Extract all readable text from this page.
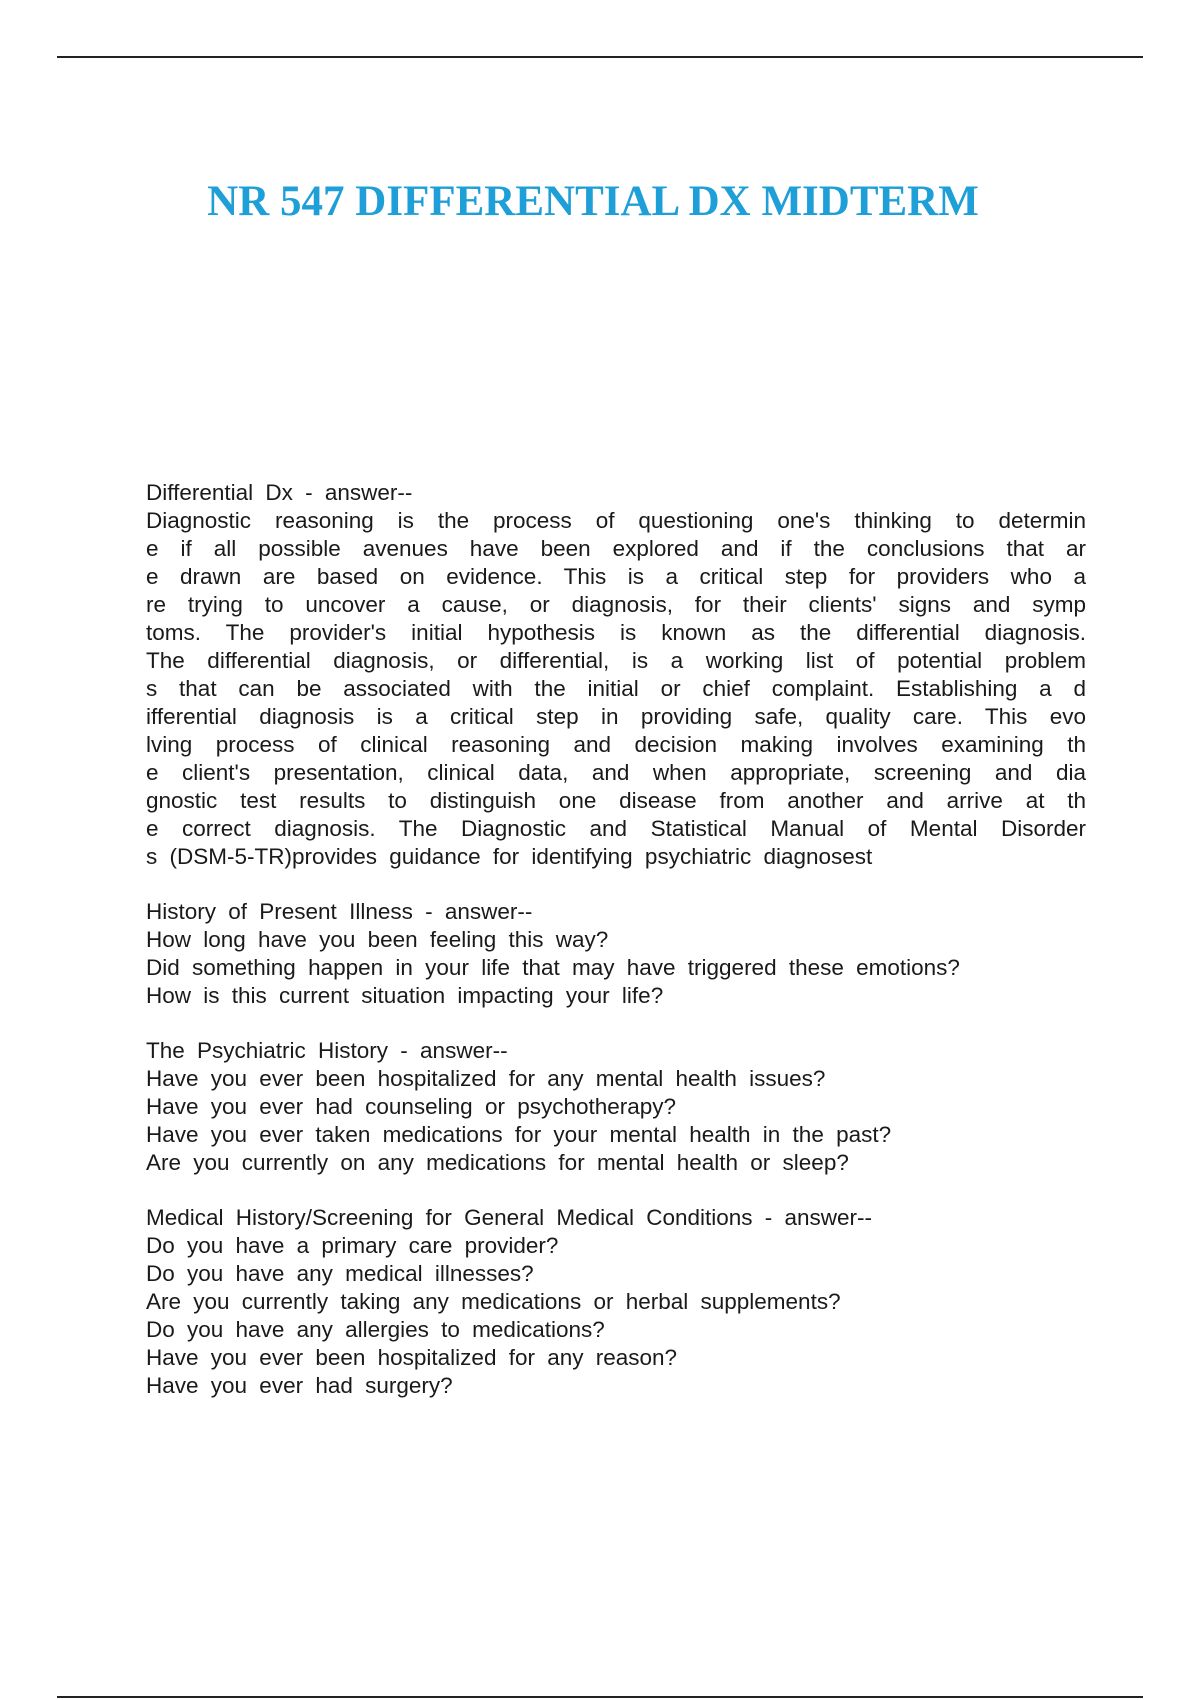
NR 547 DIFFERENTIAL DX MIDTERM
Differential Dx - answer--
Diagnostic reasoning is the process of questioning one's thinking to determin
e if all possible avenues have been explored and if the conclusions that ar
e drawn are based on evidence. This is a critical step for providers who a
re trying to uncover a cause, or diagnosis, for their clients' signs and symp
toms. The provider's initial hypothesis is known as the differential diagnosis.
The differential diagnosis, or differential, is a working list of potential problem
s that can be associated with the initial or chief complaint. Establishing a d
ifferential diagnosis is a critical step in providing safe, quality care. This evo
lving process of clinical reasoning and decision making involves examining th
e client's presentation, clinical data, and when appropriate, screening and dia
gnostic test results to distinguish one disease from another and arrive at th
e correct diagnosis. The Diagnostic and Statistical Manual of Mental Disorder
s (DSM-5-TR)provides guidance for identifying psychiatric diagnosest
History of Present Illness - answer--
How long have you been feeling this way?
Did something happen in your life that may have triggered these emotions?
How is this current situation impacting your life?
The Psychiatric History - answer--
Have you ever been hospitalized for any mental health issues?
Have you ever had counseling or psychotherapy?
Have you ever taken medications for your mental health in the past?
Are you currently on any medications for mental health or sleep?
Medical History/Screening for General Medical Conditions - answer--
Do you have a primary care provider?
Do you have any medical illnesses?
Are you currently taking any medications or herbal supplements?
Do you have any allergies to medications?
Have you ever been hospitalized for any reason?
Have you ever had surgery?
